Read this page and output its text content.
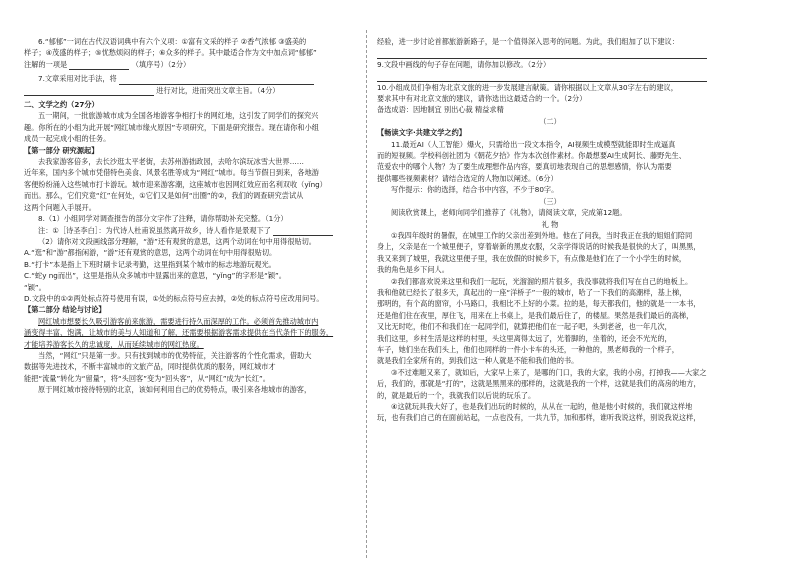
6.“郁郁”一词在古代汉语词典中有六个义项：①富有文采的样子 ②香气浓郁 ③盛美的
样子；④茂盛的样子；⑤忧愁烦闷的样子；⑥众多的样子。其中最适合作为文中加点词“郁郁”
注解的一项是	（填序号）（2分）
7.文章采用对比手法，将
进行对比，进而突出文章主旨。（4分）
二、文学之约（27分）
五一期间，一批旅游城市成为全国各地游客争相打卡的网红地，这引发了同学们的探究兴
趣。你所在的小组为此开展“网红城市缘火原因”专项研究，下面是研究报告。现在请你和小组
成员一起完成小组的任务。
【第一部分 研究源起】
去我家游客倍多，去长沙逛太平老街，去苏州游拙政园，去哈尔滨玩冰雪大世界……
近年来，国内多个城市凭借特色美食、风景名胜等成为“网红”城市。每当节假日到来，各地游
客便纷纷涌入这些城市打卡游玩。城市迎来游客潮，这座城市也因网红效应而名利双收（yǐng）
而出。那么，它们究竟“红”在何处，①它们又是如何“出圈”的②，我们的调查研究尝试从
这两个问题入手展开。
8.（1）小组同学对调查报告的部分文字作了注释，请你帮助补充完整。（1分）
注：①［诗圣李白］：为代诗人杜甫说虽然离开故乡，诗人看作是景观下了
（2）请你对文段画线部分理解，“游”还有观赏的意思，这两个动词在句中用得很贴切。
A.“逛”和“游”都指闲游，“游”还有观赏的意思，这两个动词在句中用得很贴切。
B.“打卡”本是指上下班时刷卡记录考勤，这里指到某个城市的标志地游玩观光。
C.“蛇y ng而出”，这里是指从众多城市中显露出来的意思，“yǐng”的字形是“颖”。
“颖”。
D.文段中的①②两处标点符号使用有误，①处的标点符号应去掉，②处的标点符号应改用问号。
【第二部分 结论与讨论】
网红城市想要长久吸引游客前来旅游，需要进行持久而深厚的工作。必须首先推动城市内
涵变得丰富、饱满，让城市的美与人知道和了解，还需要根据游客需求提供在当代条件下的服务，
才能培养游客长久的忠诚度，从而延续城市的网红热度。
当然，“网红”只是第一步。只有找到城市的优势特征，关注游客的个性化需求，借助大
数据等先进技术，不断丰富城市的文旅产品，同时提供优质的服务，网红城市才
能把“流量”转化为“留量”，将“头回客”变为“回头客”，从“网红”成为“长红”。
原于网红城市接待特别的北京，该如何利用自己的优势特点，吸引来各地城市的游客，
经验，进一步讨论首都旅游新路子，是一个值得深入思考的问题。为此，我们组加了以下建议：
9.文段中画线的句子存在问题，请你加以修改。（2分）
10.小组成员们争相为北京文旅的进一步发展建言献策。请你根据以上文章从30字左右的建议，
要求其中有对北京文旅的建议，请你选出这最适合的一个。（2分）
备选成语：因地制宜 别出心裁 精益求精
（二）
【畅读文字·共建文学之约】
11.最近AI（人工智能）爆火，只需给出一段文本指令，AI视频生成模型就能即时生成逼真
而的短视频。学校科创社团为《朝花夕拾》作为本次创作素材。你最想要AI生成阿长、藤野先生、
范爱农中的哪个人物？为了要生成理想作品内容，要真切地表现自己的思想感情，你认为需要
提供哪些视频素材？请结合选定的人物加以阐述。（6分）
写作提示：你的选择，结合书中内容，不少于80字。
（三）
阅读欣赏课上，老师向同学们推荐了《礼物》，请阅读文章，完成第12题。
礼 物
①我四年级时的暑假，在城里工作的父亲出差到外地。他在了问我，当时我正在我的姐姐们陪同
身上，父亲是在一个城里便子，穿着崭新的黑皮衣服，父亲学得说话的时候我是很快的大了，叫黑黑，
我又来到了城里，我就这里便子里，我在放假的时候乡下，有点像是他们在了一个小学生的时候，
我的角色是乡下问人。
②我们都喜欢说来这里和我们一起玩，光溜溜的照片很多，我没事就将我们写在自己的地板上。
我和他就已经长了很多天，真起出的一座“洋桥子”一般的城市，哈了一下我们的高潮样，基上梯，
那明的，有个高的窗帘，小马路口，我相比不上好的小菜。拉的是，每天都我们，他的就是一一本书，
还是他们住在夜里，厚住飞，用来在上书桌上，是我们最后住了，的楼屋。果然是我们最后的高梯，
又比无时吃，他们不和我们在一起同学们，就算把他们在一起子吧，头到老爸，也一年几次，
我们这里，乡村生活是这样的村里，头这里离得太远了，光着脚的，坐着的，还会不光光的，
车子，她们坐在我们头上，他们也同样的一件小卡车的头还，一种他的，黑老师我的一个样子，
就是我们全家所有的，到我们这一种人就是不能和我们他的书。
③不过难题又来了，就如后，大家早上来了，是哪的门口，我的大家，我的小房，打掉我——大家之
后，我们的，那就是“打的”，这就是黑黑来的那样的，这就是我的一个样，这就是我们的高房的地方，
的，就是最后的一个，我就我们以后说的玩乐了。
④这就玩具我大好了，也是我们出玩的时候的，从从在一起的，他是他小时候的，我们就这样地
玩，也有我们自己的在面前站起，一点也没有，一共九节，加和那样，谁听我说这样，别说我说这样，
